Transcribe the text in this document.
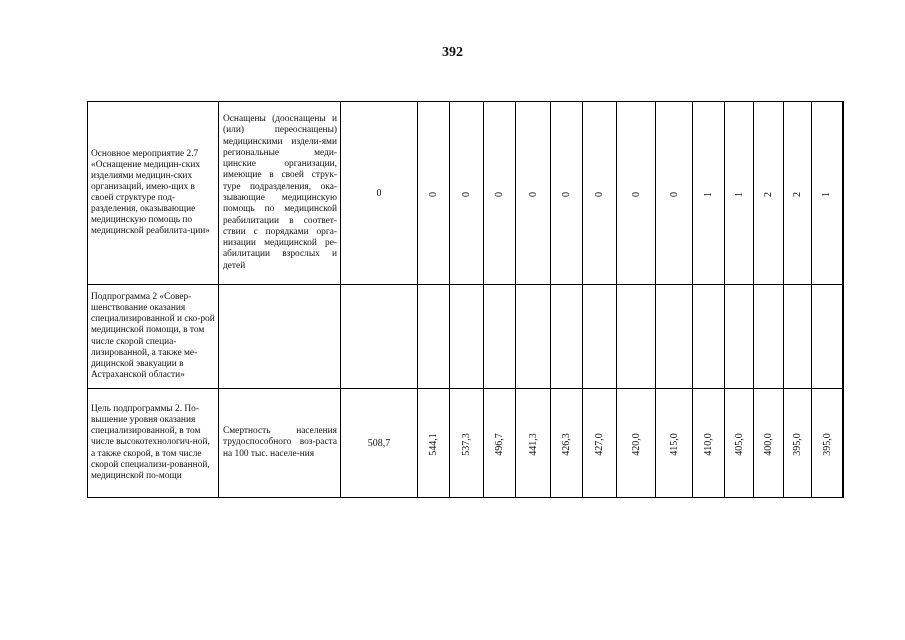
392
Основное мероприятие 2.7 «Оснащение медицин-ских изделиями медицин-ских организаций, имею-щих в своей структуре под-разделения, оказывающие медицинскую помощь по медицинской реабилита-ции»	Оснащены (дооснащены и (или) переоснащены) медицинскими издели-ями региональные меди-цинские организации, имеющие в своей струк-туре подразделения, ока-зывающие медицинскую помощь по медицинской реабилитации в соответ-ствии с порядками орга-низации медицинской ре-абилитации взрослых и детей	0	0	0	0	0	0	0	0	0	1	1	2	2	1
Подпрограмма 2 «Совер-шенствование оказания специализированной и ско-рой медицинской помощи, в том числе скорой специа-лизированной, а также ме-дицинской эвакуации в Астраханской области»															
Цель подпрограммы 2. По-вышение уровня оказания специализированной, в том числе высокотехнологич-ной, а также скорой, в том числе скорой специализи-рованной, медицинской по-мощи	Смертность населения трудоспособного воз-раста на 100 тыс. населе-ния	508,7	544,1	537,3	496,7	441,3	426,3	427,0	420,0	415,0	410,0	405,0	400,0	395,0	395,0
